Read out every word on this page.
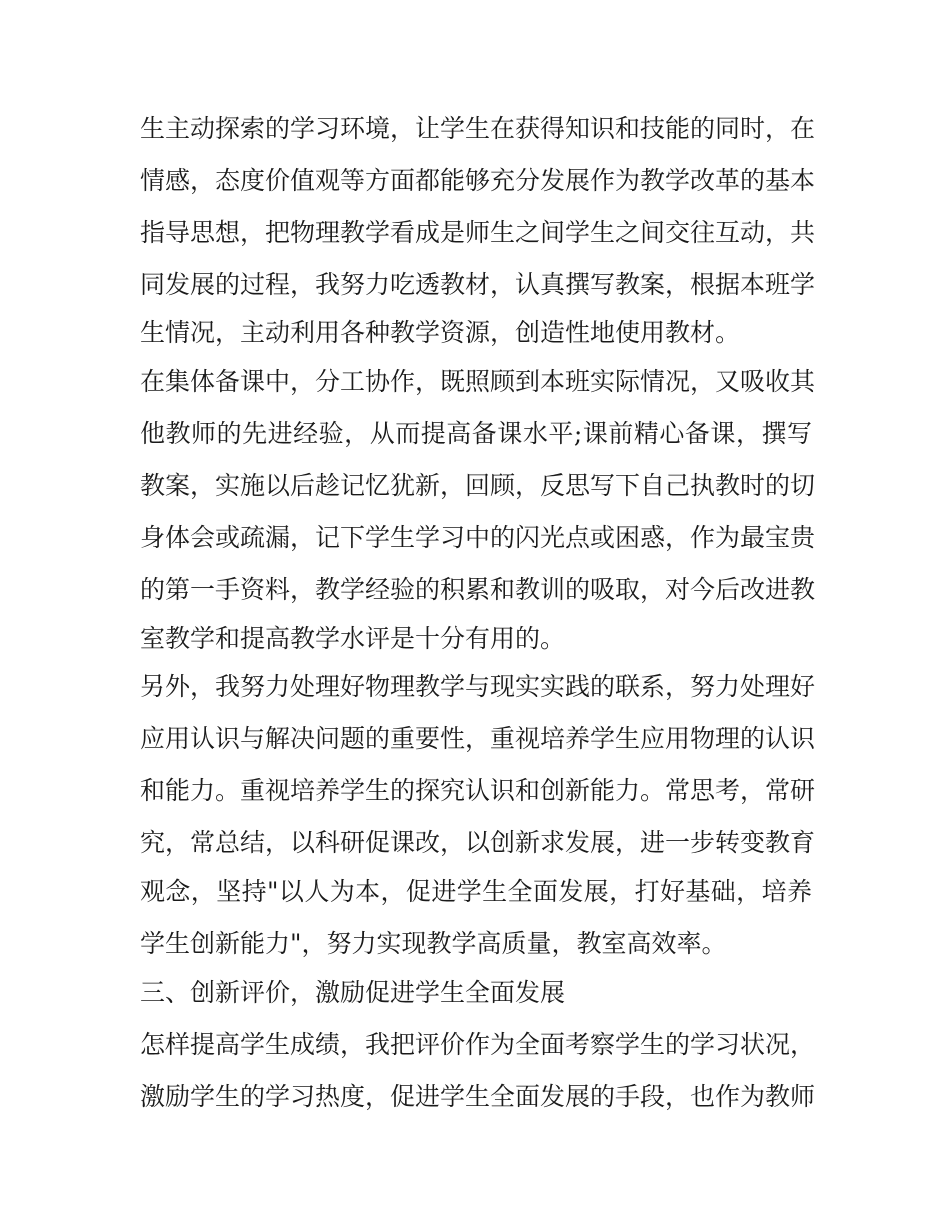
生主动探索的学习环境，让学生在获得知识和技能的同时，在
情感，态度价值观等方面都能够充分发展作为教学改革的基本
指导思想，把物理教学看成是师生之间学生之间交往互动，共
同发展的过程，我努力吃透教材，认真撰写教案，根据本班学
生情况，主动利用各种教学资源，创造性地使用教材。
在集体备课中，分工协作，既照顾到本班实际情况，又吸收其
他教师的先进经验，从而提高备课水平;课前精心备课，撰写
教案，实施以后趁记忆犹新，回顾，反思写下自己执教时的切
身体会或疏漏，记下学生学习中的闪光点或困惑，作为最宝贵
的第一手资料，教学经验的积累和教训的吸取，对今后改进教
室教学和提高教学水评是十分有用的。
另外，我努力处理好物理教学与现实实践的联系，努力处理好
应用认识与解决问题的重要性，重视培养学生应用物理的认识
和能力。重视培养学生的探究认识和创新能力。常思考，常研
究，常总结，以科研促课改，以创新求发展，进一步转变教育
观念，坚持"以人为本，促进学生全面发展，打好基础，培养
学生创新能力"，努力实现教学高质量，教室高效率。
三、创新评价，激励促进学生全面发展
怎样提高学生成绩，我把评价作为全面考察学生的学习状况，
激励学生的学习热度，促进学生全面发展的手段，也作为教师
